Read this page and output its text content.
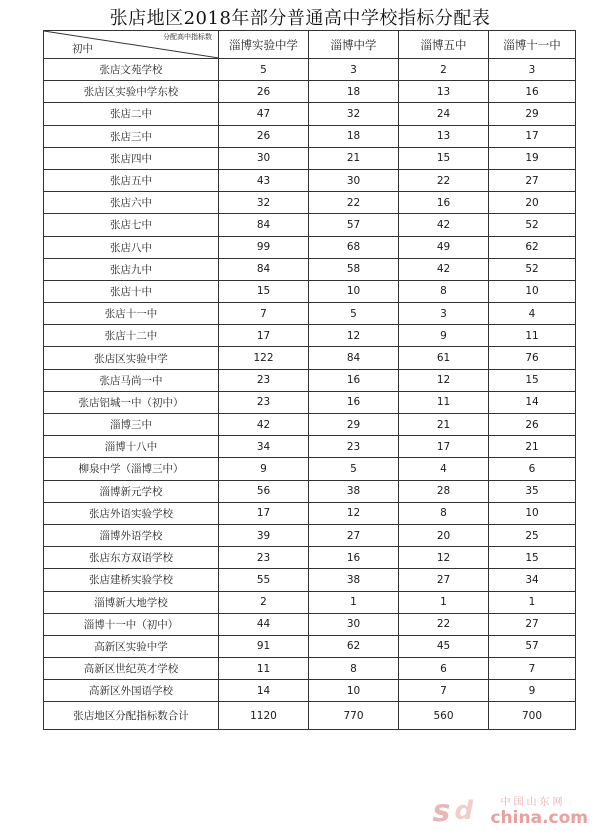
张店地区2018年部分普通高中学校指标分配表
分配高中指标数
初中	淄博实验中学	淄博中学	淄博五中	淄博十一中
张店文苑学校	5	3	2	3
张店区实验中学东校	26	18	13	16
张店二中	47	32	24	29
张店三中	26	18	13	17
张店四中	30	21	15	19
张店五中	43	30	22	27
张店六中	32	22	16	20
张店七中	84	57	42	52
张店八中	99	68	49	62
张店九中	84	58	42	52
张店十中	15	10	8	10
张店十一中	7	5	3	4
张店十二中	17	12	9	11
张店区实验中学	122	84	61	76
张店马尚一中	23	16	12	15
张店铝城一中（初中）	23	16	11	14
淄博三中	42	29	21	26
淄博十八中	34	23	17	21
柳泉中学（淄博三中）	9	5	4	6
淄博新元学校	56	38	28	35
张店外语实验学校	17	12	8	10
淄博外语学校	39	27	20	25
张店东方双语学校	23	16	12	15
张店建桥实验学校	55	38	27	34
淄博新大地学校	2	1	1	1
淄博十一中（初中）	44	30	22	27
高新区实验中学	91	62	45	57
高新区世纪英才学校	11	8	6	7
高新区外国语学校	14	10	7	9
张店地区分配指标数合计	1120	770	560	700
s d	中国山东网
china.com
